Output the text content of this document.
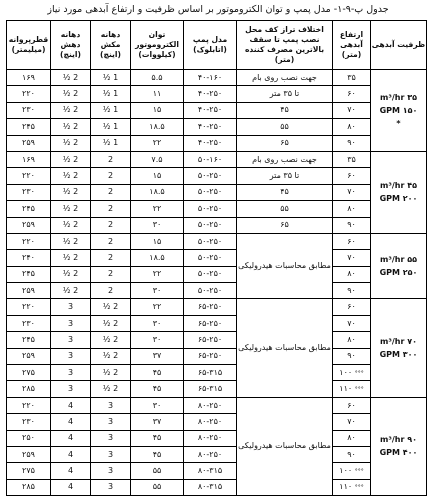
جدول پ-۹-۱- مدل پمپ و توان الکتروموتور بر اساس ظرفیت و ارتفاع آبدهی مورد نیاز
ظرفیت آبدهی	ارتفاع آبدهی (متر)	اختلاف تراز کف محل نصب پمپ تا سقف بالاترین مصرف کننده (متر)	مدل پمپ (اتابلوک)	توان الکتروموتور (کیلووات)	دهانه مکش (اینچ)	دهانه دهش (اینچ)	قطرپروانه (میلیمتر)

۳۵ m³/hr
۱۵۰ GPM
*	۳۵	جهت نصب روی بام	۴۰-۱۶۰	۵.۵	1 ½	2 ½	۱۶۹
	۶۰	تا ۳۵ متر	۴۰-۲۵۰	۱۱	1 ½	2 ½	۲۲۰
	۷۰	۴۵	۴۰-۲۵۰	۱۵	1 ½	2 ½	۲۳۰
	۸۰	۵۵	۴۰-۲۵۰	۱۸.۵	1 ½	2 ½	۲۴۵
	۹۰	۶۵	۴۰-۲۵۰	۲۲	1 ½	2 ½	۲۵۹

۴۵ m³/hr
۲۰۰ GPM	۳۵	جهت نصب روی بام	۵۰-۱۶۰	۷.۵	2	2 ½	۱۶۹
	۶۰	تا ۳۵ متر	۵۰-۲۵۰	۱۵	2	2 ½	۲۲۰
	۷۰	۴۵	۵۰-۲۵۰	۱۸.۵	2	2 ½	۲۳۰
	۸۰	۵۵	۵۰-۲۵۰	۲۲	2	2 ½	۲۴۵
	۹۰	۶۵	۵۰-۲۵۰	۳۰	2	2 ½	۲۵۹

۵۵ m³/hr
۲۵۰ GPM	۶۰	مطابق محاسبات هیدرولیکی	۵۰-۲۵۰	۱۵	2	2 ½	۲۲۰
	۷۰		۵۰-۲۵۰	۱۸.۵	2	2 ½	۲۴۰
	۸۰		۵۰-۲۵۰	۲۲	2	2 ½	۲۴۵
	۹۰		۵۰-۲۵۰	۳۰	2	2 ½	۲۵۹

۷۰ m³/hr
۳۰۰ GPM	۶۰	مطابق محاسبات هیدرولیکی	۶۵-۲۵۰	۲۲	2 ½	3	۲۲۰
	۷۰		۶۵-۲۵۰	۳۰	2 ½	3	۲۳۰
	۸۰		۶۵-۲۵۰	۳۰	2 ½	3	۲۴۵
	۹۰		۶۵-۲۵۰	۳۷	2 ½	3	۲۵۹
	°°° ۱۰۰		۶۵-۳۱۵	۴۵	2 ½	3	۲۷۵
	°°° ۱۱۰		۶۵-۳۱۵	۴۵	2 ½	3	۲۸۵

۹۰ m³/hr
۴۰۰ GPM	۶۰	مطابق محاسبات هیدرولیکی	۸۰-۲۵۰	۳۰	3	4	۲۲۰
	۷۰		۸۰-۲۵۰	۳۷	3	4	۲۳۰
	۸۰		۸۰-۲۵۰	۴۵	3	4	۲۵۰
	۹۰		۸۰-۲۵۰	۴۵	3	4	۲۵۹
	°°° ۱۰۰		۸۰-۳۱۵	۵۵	3	4	۲۷۵
	°°° ۱۱۰		۸۰-۳۱۵	۵۵	3	4	۲۸۵
